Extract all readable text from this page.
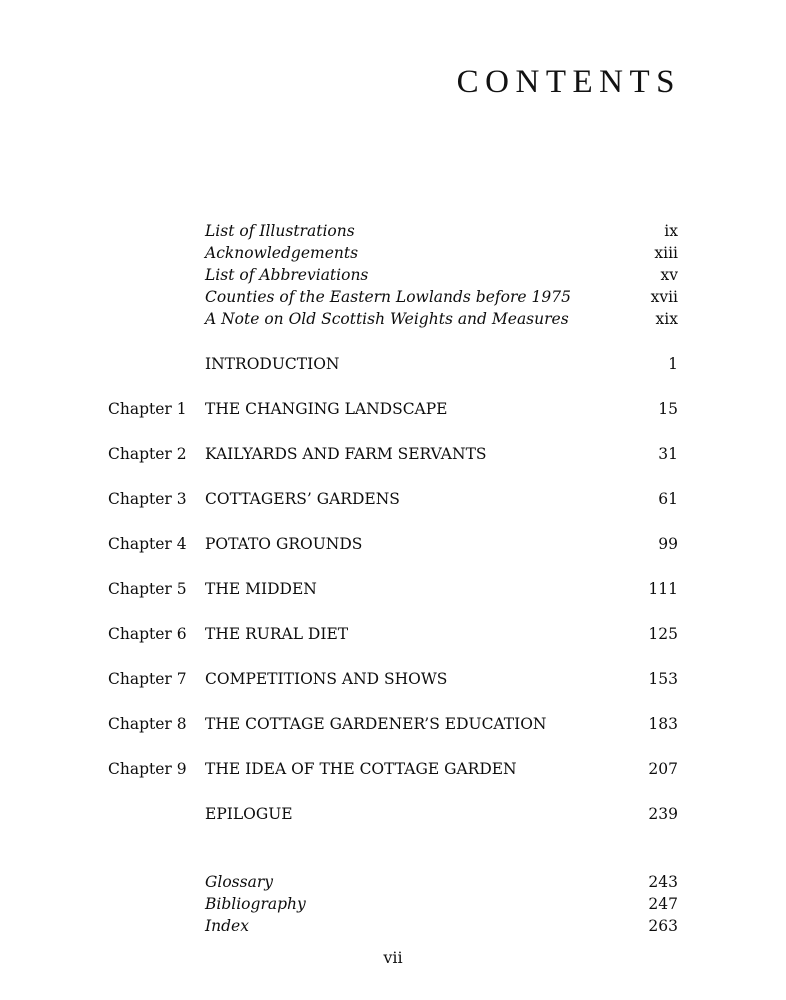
CONTENTS
List of Illustrations	ix
Acknowledgements	xiii
List of Abbreviations	xv
Counties of the Eastern Lowlands before 1975	xvii
A Note on Old Scottish Weights and Measures	xix
INTRODUCTION	1
Chapter 1	THE CHANGING LANDSCAPE	15
Chapter 2	KAILYARDS AND FARM SERVANTS	31
Chapter 3	COTTAGERS’ GARDENS	61
Chapter 4	POTATO GROUNDS	99
Chapter 5	THE MIDDEN	111
Chapter 6	THE RURAL DIET	125
Chapter 7	COMPETITIONS AND SHOWS	153
Chapter 8	THE COTTAGE GARDENER’S EDUCATION	183
Chapter 9	THE IDEA OF THE COTTAGE GARDEN	207
EPILOGUE	239
Glossary	243
Bibliography	247
Index	263
vii
